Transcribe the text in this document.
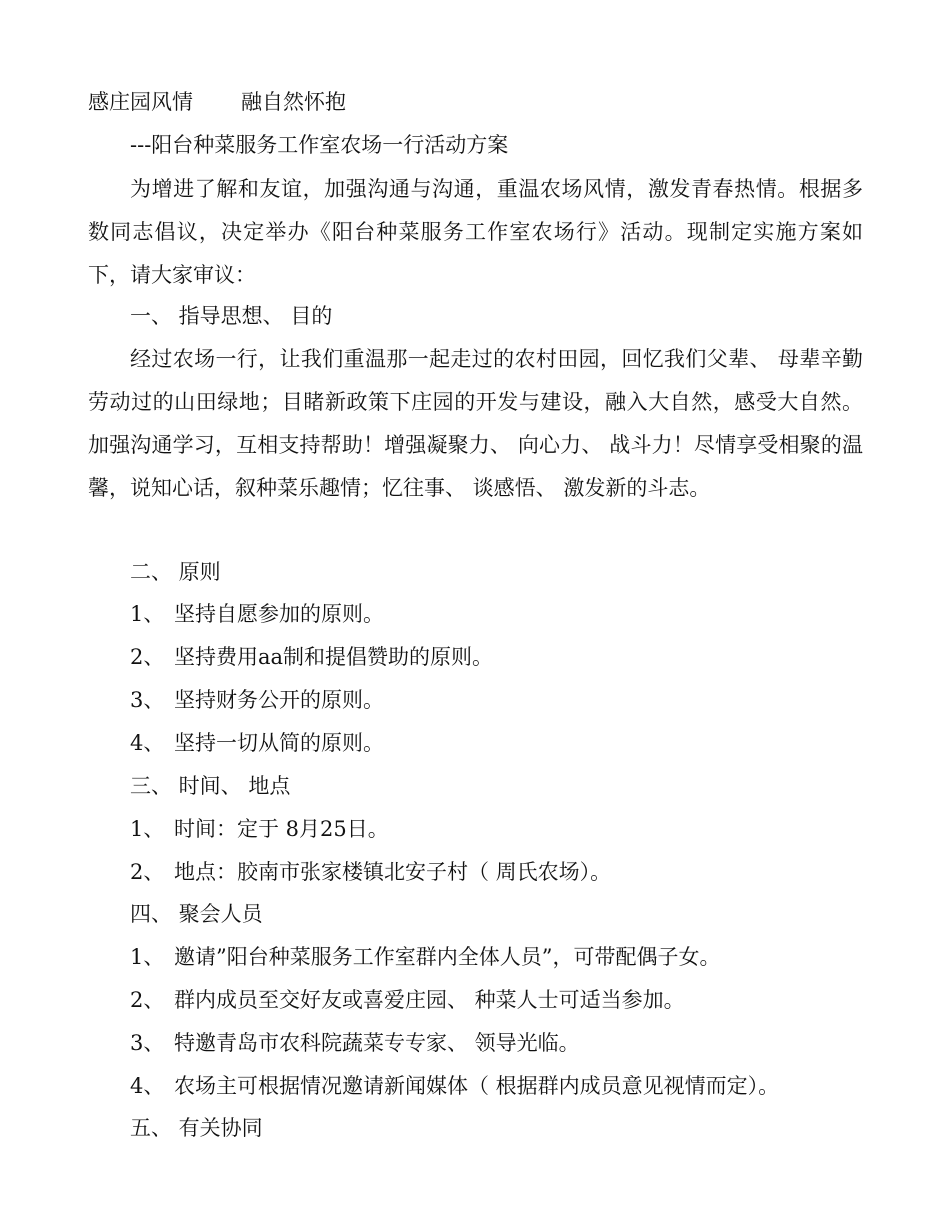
感庄园风情 融自然怀抱
---阳台种菜服务工作室农场一行活动方案
为增进了解和友谊，加强沟通与沟通，重温农场风情，激发青春热情。根据多数同志倡议，决定举办《阳台种菜服务工作室农场行》活动。现制定实施方案如下，请大家审议：
一、 指导思想、 目的
经过农场一行，让我们重温那一起走过的农村田园，回忆我们父辈、 母辈辛勤劳动过的山田绿地；目睹新政策下庄园的开发与建设，融入大自然，感受大自然。加强沟通学习，互相支持帮助！增强凝聚力、 向心力、 战斗力！尽情享受相聚的温馨，说知心话，叙种菜乐趣情；忆往事、 谈感悟、 激发新的斗志。
二、 原则
1、 坚持自愿参加的原则。
2、 坚持费用aa制和提倡赞助的原则。
3、 坚持财务公开的原则。
4、 坚持一切从简的原则。
三、 时间、 地点
1、 时间：定于 8月25日。
2、 地点：胶南市张家楼镇北安子村（ 周氏农场）。
四、 聚会人员
1、 邀请”阳台种菜服务工作室群内全体人员”，可带配偶子女。
2、 群内成员至交好友或喜爱庄园、 种菜人士可适当参加。
3、 特邀青岛市农科院蔬菜专专家、 领导光临。
4、 农场主可根据情况邀请新闻媒体（ 根据群内成员意见视情而定）。
五、 有关协同
